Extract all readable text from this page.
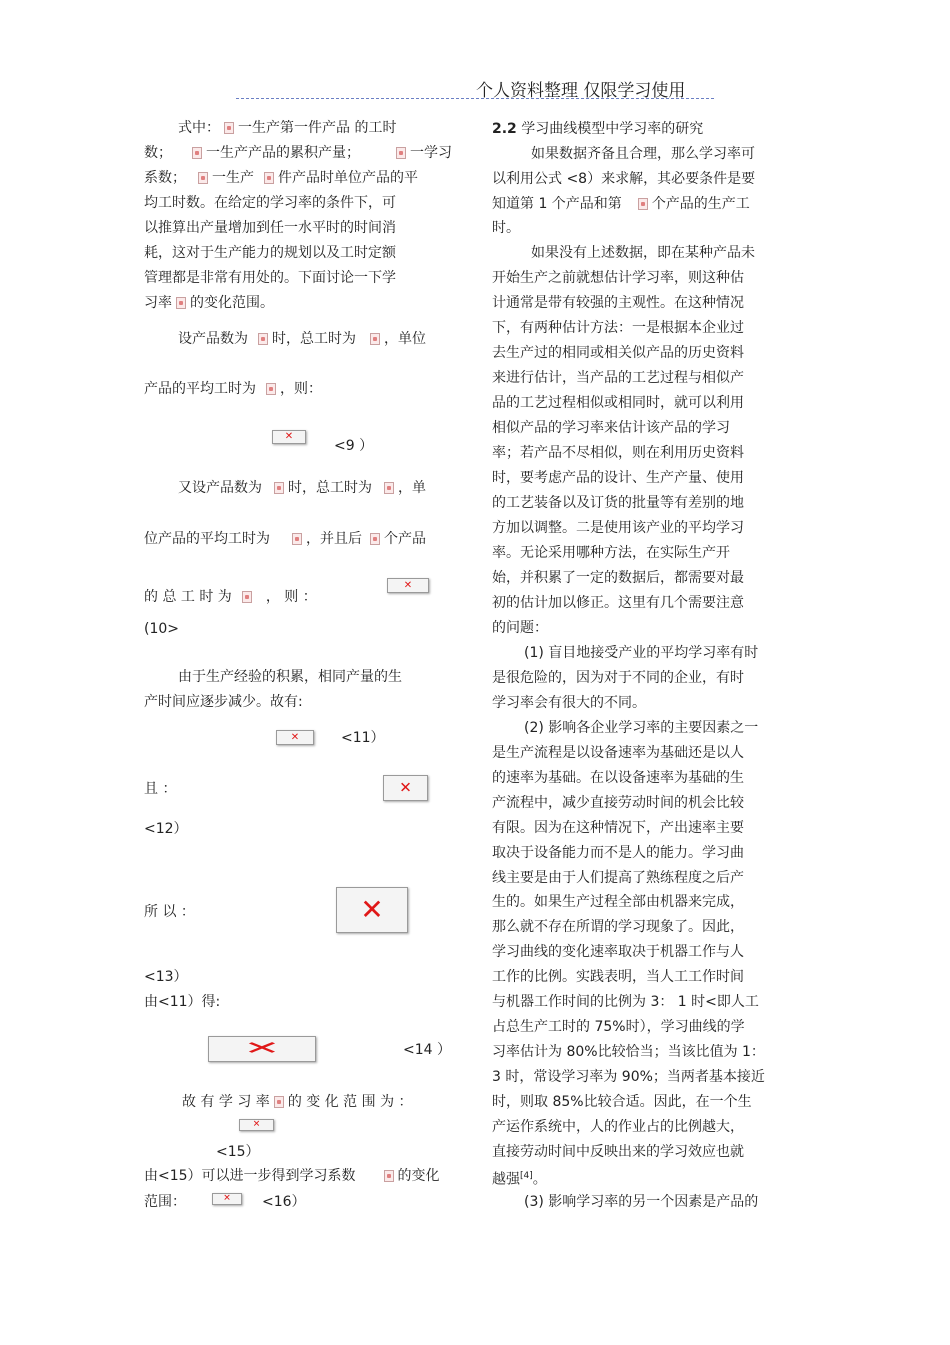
个人资料整理 仅限学习使用
式中： 一生产第一件产品 的工时
数； 一生产产品的累积产量；	一学习
系数； 一生产 件产品时单位产品的平
均工时数。在给定的学习率的条件下，可
以推算出产量增加到任一水平时的时间消
耗，这对于生产能力的规划以及工时定额
管理都是非常有用处的。下面讨论一下学
习率 的变化范围。
设产品数为 时，总工时为 ，单位
产品的平均工时为 ，则：
✕
<9 ）
又设产品数为 时，总工时为 ，单
位产品的平均工时为	，并且后 个产品
的 总 工 时 为 ， 则 ：
✕
(10>
由于生产经验的积累，相同产量的生
产时间应逐步减少。故有:
✕	<11）
且 ：	✕
<12）
所 以 ：	✕
<13）
由<11）得:
✕	<14 ）
故 有 学 习 率 的 变 化 范 围 为 ：
✕
<15）
由<15）可以进一步得到学习系数	的变化
范围：	✕ <16）
2.2 学习曲线模型中学习率的研究
如果数据齐备且合理，那么学习率可
以利用公式 <8）来求解，其必要条件是要
知道第 1 个产品和第 个产品的生产工
时。
如果没有上述数据，即在某种产品未
开始生产之前就想估计学习率，则这种估
计通常是带有较强的主观性。在这种情况
下，有两种估计方法：一是根据本企业过
去生产过的相同或相关似产品的历史资料
来进行估计，当产品的工艺过程与相似产
品的工艺过程相似或相同时，就可以利用
相似产品的学习率来估计该产品的学习
率；若产品不尽相似，则在利用历史资料
时，要考虑产品的设计、生产产量、使用
的工艺装备以及订货的批量等有差别的地
方加以调整。二是使用该产业的平均学习
率。无论采用哪种方法，在实际生产开
始，并积累了一定的数据后，都需要对最
初的估计加以修正。这里有几个需要注意
的问题：
(1) 盲目地接受产业的平均学习率有时
是很危险的，因为对于不同的企业，有时
学习率会有很大的不同。
(2) 影响各企业学习率的主要因素之一
是生产流程是以设备速率为基础还是以人
的速率为基础。在以设备速率为基础的生
产流程中，减少直接劳动时间的机会比较
有限。因为在这种情况下，产出速率主要
取决于设备能力而不是人的能力。学习曲
线主要是由于人们提高了熟练程度之后产
生的。如果生产过程全部由机器来完成，
那么就不存在所谓的学习现象了。因此，
学习曲线的变化速率取决于机器工作与人
工作的比例。实践表明，当人工工作时间
与机器工作时间的比例为 3： 1 时<即人工
占总生产工时的 75%时），学习曲线的学
习率估计为 80%比较恰当；当该比值为 1：
3 时，常设学习率为 90%；当两者基本接近
时，则取 85%比较合适。因此，在一个生
产运作系统中，人的作业占的比例越大，
直接劳动时间中反映出来的学习效应也就
越强[4]。
(3) 影响学习率的另一个因素是产品的
